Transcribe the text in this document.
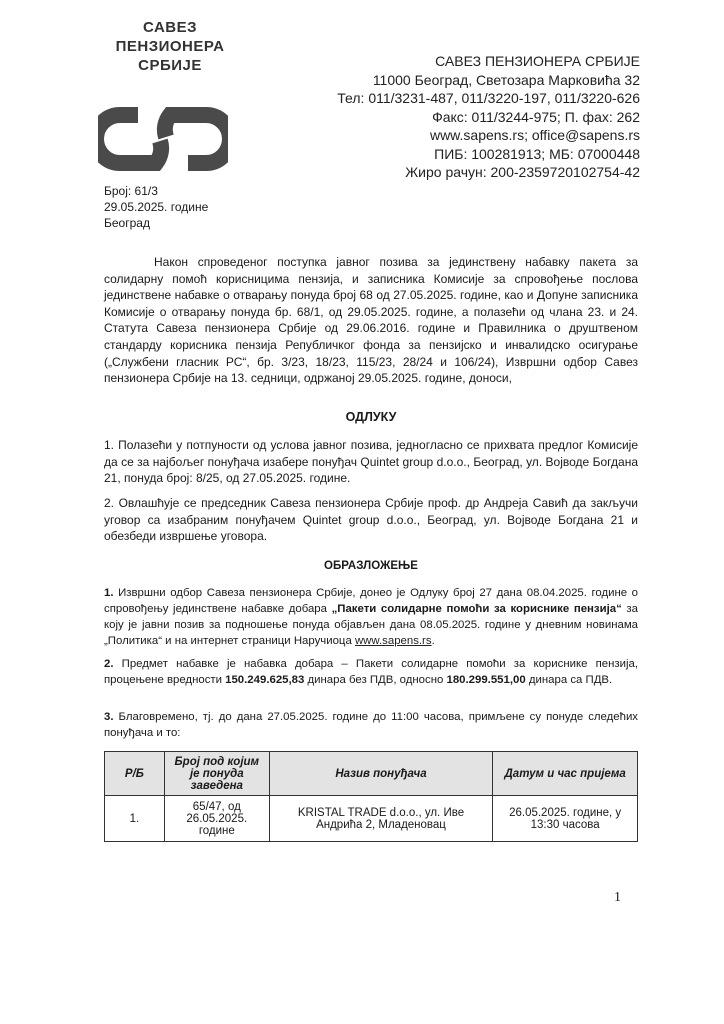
САВЕЗ
ПЕНЗИОНЕРА
СРБИЈЕ	САВЕЗ ПЕНЗИОНЕРА СРБИЈЕ
11000 Београд, Светозара Марковића 32
Тел: 011/3231-487, 011/3220-197, 011/3220-626
Факс: 011/3244-975; П. фах: 262
www.sapens.rs; office@sapens.rs
ПИБ: 100281913; МБ: 07000448
Жиро рачун: 200-2359720102754-42
Број: 61/3
29.05.2025. године
Београд
Након спроведеног поступка јавног позива за јединствену набавку пакета за солидарну помоћ корисницима пензија, и записника Комисије за спровођење послова јединствене набавке о отварању понуда број 68 од 27.05.2025. године, као и Допуне записника Комисије о отварању понуда бр. 68/1, од 29.05.2025. године, а полазећи од члана 23. и 24. Статута Савеза пензионера Србије од 29.06.2016. године и Правилника о друштвеном стандарду корисника пензија Републичког фонда за пензијско и инвалидско осигурање („Службени гласник РС“, бр. 3/23, 18/23, 115/23, 28/24 и 106/24), Извршни одбор Савез пензионера Србије на 13. седници, одржаној 29.05.2025. године, доноси,
ОДЛУКУ
1. Полазећи у потпуности од услова јавног позива, једногласно се прихвата предлог Комисије да се за најбољег понуђача изабере понуђач Quintet group d.o.o., Београд, ул. Војводе Богдана 21, понуда број: 8/25, од 27.05.2025. године.
2. Овлашћује се председник Савеза пензионера Србије проф. др Андреја Савић да закључи уговор са изабраним понуђачем Quintet group d.o.o., Београд, ул. Војводе Богдана 21 и обезбеди извршење уговора.
ОБРАЗЛОЖЕЊЕ
1. Извршни одбор Савеза пензионера Србије, донео је Одлуку број 27 дана 08.04.2025. године о спровођењу јединствене набавке добара „Пакети солидарне помоћи за кориснике пензија“ за коју је јавни позив за подношење понуда објављен дана 08.05.2025. године у дневним новинама „Политика“ и на интернет страници Наручиоца www.sapens.rs.
2. Предмет набавке је набавка добара – Пакети солидарне помоћи за кориснике пензија, процењене вредности 150.249.625,83 динара без ПДВ, односно 180.299.551,00 динара са ПДВ.
3. Благовремено, тј. до дана 27.05.2025. године до 11:00 часова, примљене су понуде следећих понуђача и то:
Р/Б	Број под којим је понуда заведена	Назив понуђача	Датум и час пријема
1.	65/47, од 26.05.2025. године	KRISTAL TRADE d.o.o., ул. Иве Андрића 2, Младеновац	26.05.2025. године, у 13:30 часова
1
